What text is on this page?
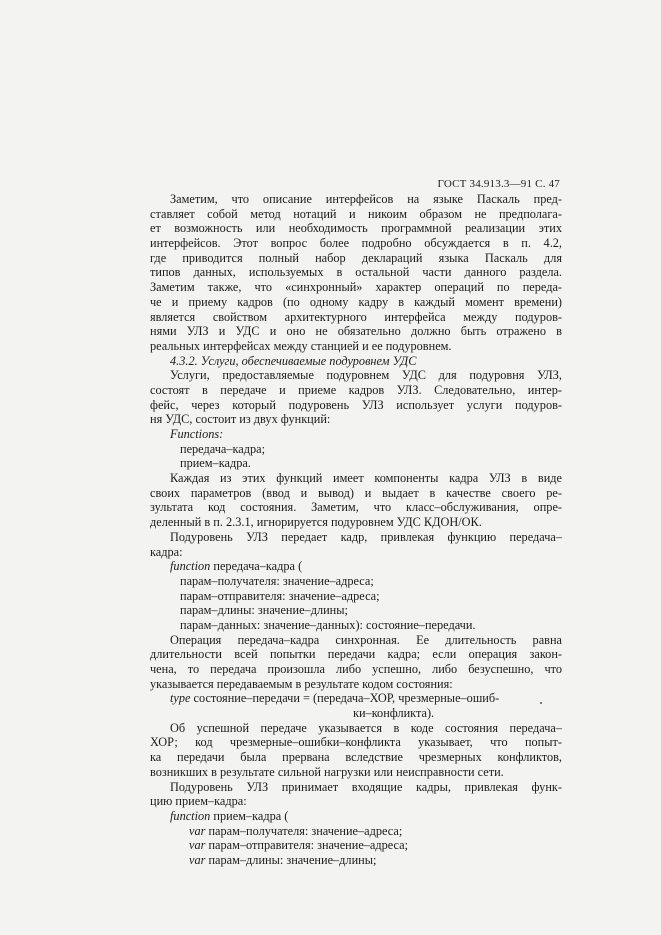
ГОСТ 34.913.3—91 С. 47
Заметим, что описание интерфейсов на языке Паскаль пред-
ставляет собой метод нотаций и никоим образом не предполага-
ет возможность или необходимость программной реализации этих
интерфейсов. Этот вопрос более подробно обсуждается в п. 4.2,
где приводится полный набор деклараций языка Паскаль для
типов данных, используемых в остальной части данного раздела.
Заметим также, что «синхронный» характер операций по переда-
че и приему кадров (по одному кадру в каждый момент времени)
является свойством архитектурного интерфейса между подуров-
нями УЛЗ и УДС и оно не обязательно должно быть отражено в
реальных интерфейсах между станцией и ее подуровнем.
4.3.2. Услуги, обеспечиваемые подуровнем УДС
Услуги, предоставляемые подуровнем УДС для подуровня УЛЗ,
состоят в передаче и приеме кадров УЛЗ. Следовательно, интер-
фейс, через который подуровень УЛЗ использует услуги подуров-
ня УДС, состоит из двух функций:
Functions:
передача–кадра;
прием–кадра.
Каждая из этих функций имеет компоненты кадра УЛЗ в виде
своих параметров (ввод и вывод) и выдает в качестве своего ре-
зультата код состояния. Заметим, что класс–обслуживания, опре-
деленный в п. 2.3.1, игнорируется подуровнем УДС КДОН/ОК.
Подуровень УЛЗ передает кадр, привлекая функцию передача–
кадра:
function передача–кадра (
парам–получателя: значение–адреса;
парам–отправителя: значение–адреса;
парам–длины: значение–длины;
парам–данных: значение–данных): состояние–передачи.
Операция передача–кадра синхронная. Ее длительность равна
длительности всей попытки передачи кадра; если операция закон-
чена, то передача произошла либо успешно, либо безуспешно, что
указывается передаваемым в результате кодом состояния:
type состояние–передачи = (передача–ХОР, чрезмерные–ошиб-
ки–конфликта).
Об успешной передаче указывается в коде состояния передача–
ХОР; код чрезмерные–ошибки–конфликта указывает, что попыт-
ка передачи была прервана вследствие чрезмерных конфликтов,
возникших в результате сильной нагрузки или неисправности сети.
Подуровень УЛЗ принимает входящие кадры, привлекая функ-
цию прием–кадра:
function прием–кадра (
var парам–получателя: значение–адреса;
var парам–отправителя: значение–адреса;
var парам–длины: значение–длины;
